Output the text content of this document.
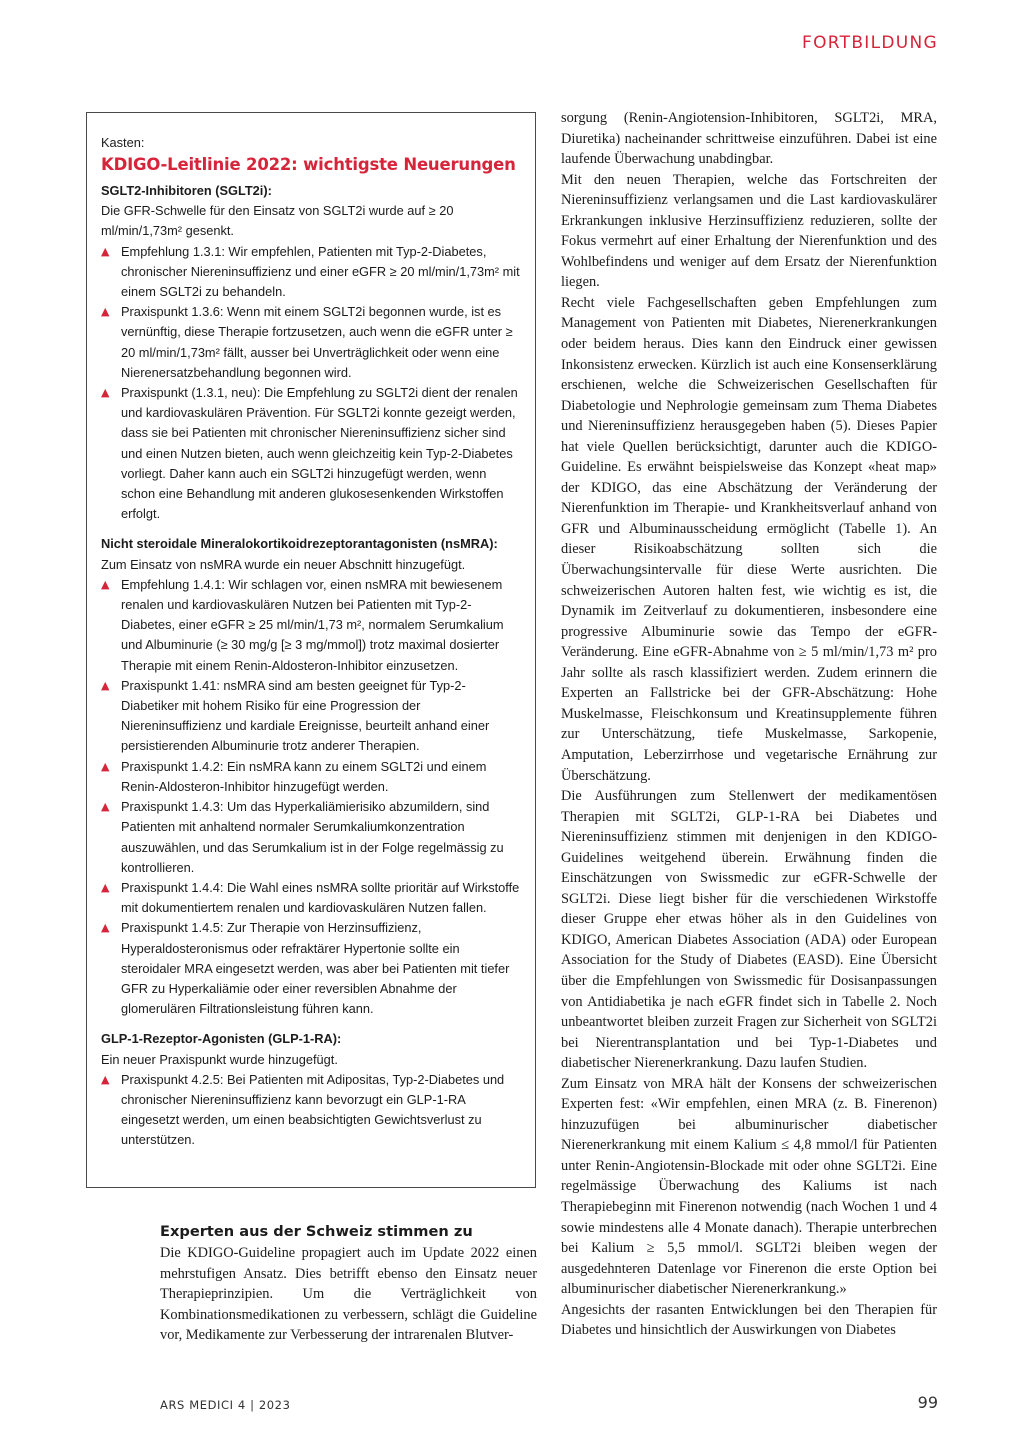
FORTBILDUNG
Kasten:
KDIGO-Leitlinie 2022: wichtigste Neuerungen
SGLT2-Inhibitoren (SGLT2i):
Die GFR-Schwelle für den Einsatz von SGLT2i wurde auf ≥ 20 ml/min/1,73m² gesenkt.
▲ Empfehlung 1.3.1: Wir empfehlen, Patienten mit Typ-2-Diabetes, chronischer Niereninsuffizienz und einer eGFR ≥ 20 ml/min/1,73m² mit einem SGLT2i zu behandeln.
▲ Praxispunkt 1.3.6: Wenn mit einem SGLT2i begonnen wurde, ist es vernünftig, diese Therapie fortzusetzen, auch wenn die eGFR unter ≥ 20 ml/min/1,73m² fällt, ausser bei Unverträglichkeit oder wenn eine Nierenersatzbehandlung begonnen wird.
▲ Praxispunkt (1.3.1, neu): Die Empfehlung zu SGLT2i dient der renalen und kardiovaskulären Prävention. Für SGLT2i konnte gezeigt werden, dass sie bei Patienten mit chronischer Niereninsuffizienz sicher sind und einen Nutzen bieten, auch wenn gleichzeitig kein Typ-2-Diabetes vorliegt. Daher kann auch ein SGLT2i hinzugefügt werden, wenn schon eine Behandlung mit anderen glukosesenkenden Wirkstoffen erfolgt.
Nicht steroidale Mineralokortikoidrezeptorantagonisten (nsMRA):
Zum Einsatz von nsMRA wurde ein neuer Abschnitt hinzugefügt.
▲ Empfehlung 1.4.1: Wir schlagen vor, einen nsMRA mit bewiesenem renalen und kardiovaskulären Nutzen bei Patienten mit Typ-2-Diabetes, einer eGFR ≥ 25 ml/min/1,73 m², normalem Serumkalium und Albuminurie (≥ 30 mg/g [≥ 3 mg/mmol]) trotz maximal dosierter Therapie mit einem Renin-Aldosteron-Inhibitor einzusetzen.
▲ Praxispunkt 1.41: nsMRA sind am besten geeignet für Typ-2-Diabetiker mit hohem Risiko für eine Progression der Niereninsuffizienz und kardiale Ereignisse, beurteilt anhand einer persistierenden Albuminurie trotz anderer Therapien.
▲ Praxispunkt 1.4.2: Ein nsMRA kann zu einem SGLT2i und einem Renin-Aldosteron-Inhibitor hinzugefügt werden.
▲ Praxispunkt 1.4.3: Um das Hyperkaliämierisiko abzumildern, sind Patienten mit anhaltend normaler Serumkaliumkonzentration auszuwählen, und das Serumkalium ist in der Folge regelmässig zu kontrollieren.
▲ Praxispunkt 1.4.4: Die Wahl eines nsMRA sollte prioritär auf Wirkstoffe mit dokumentiertem renalen und kardiovaskulären Nutzen fallen.
▲ Praxispunkt 1.4.5: Zur Therapie von Herzinsuffizienz, Hyperaldosteronismus oder refraktärer Hypertonie sollte ein steroidaler MRA eingesetzt werden, was aber bei Patienten mit tiefer GFR zu Hyperkaliämie oder einer reversiblen Abnahme der glomerulären Filtrationsleistung führen kann.
GLP-1-Rezeptor-Agonisten (GLP-1-RA):
Ein neuer Praxispunkt wurde hinzugefügt.
▲ Praxispunkt 4.2.5: Bei Patienten mit Adipositas, Typ-2-Diabetes und chronischer Niereninsuffizienz kann bevorzugt ein GLP-1-RA eingesetzt werden, um einen beabsichtigten Gewichtsverlust zu unterstützen.
Experten aus der Schweiz stimmen zu

Die KDIGO-Guideline propagiert auch im Update 2022 einen mehrstufigen Ansatz. Dies betrifft ebenso den Einsatz neuer Therapieprinzipien. Um die Verträglichkeit von Kombinationsmedikationen zu verbessern, schlägt die Guideline vor, Medikamente zur Verbesserung der intrarenalen Blutver-

sorgung (Renin-Angiotension-Inhibitoren, SGLT2i, MRA, Diuretika) nacheinander schrittweise einzuführen. Dabei ist eine laufende Überwachung unabdingbar.

Mit den neuen Therapien, welche das Fortschreiten der Niereninsuffizienz verlangsamen und die Last kardiovaskulärer Erkrankungen inklusive Herzinsuffizienz reduzieren, sollte der Fokus vermehrt auf einer Erhaltung der Nierenfunktion und des Wohlbefindens und weniger auf dem Ersatz der Nierenfunktion liegen.

Recht viele Fachgesellschaften geben Empfehlungen zum Management von Patienten mit Diabetes, Nierenerkrankungen oder beidem heraus. Dies kann den Eindruck einer gewissen Inkonsistenz erwecken. Kürzlich ist auch eine Konsenserklärung erschienen, welche die Schweizerischen Gesellschaften für Diabetologie und Nephrologie gemeinsam zum Thema Diabetes und Niereninsuffizienz herausgegeben haben (5). Dieses Papier hat viele Quellen berücksichtigt, darunter auch die KDIGO-Guideline. Es erwähnt beispielsweise das Konzept «heat map» der KDIGO, das eine Abschätzung der Veränderung der Nierenfunktion im Therapie- und Krankheitsverlauf anhand von GFR und Albuminausscheidung ermöglicht (Tabelle 1). An dieser Risikoabschätzung sollten sich die Überwachungsintervalle für diese Werte ausrichten. Die schweizerischen Autoren halten fest, wie wichtig es ist, die Dynamik im Zeitverlauf zu dokumentieren, insbesondere eine progressive Albuminurie sowie das Tempo der eGFR-Veränderung. Eine eGFR-Abnahme von ≥ 5 ml/min/1,73 m² pro Jahr sollte als rasch klassifiziert werden. Zudem erinnern die Experten an Fallstricke bei der GFR-Abschätzung: Hohe Muskelmasse, Fleischkonsum und Kreatinsupplemente führen zur Unterschätzung, tiefe Muskelmasse, Sarkopenie, Amputation, Leberzirrhose und vegetarische Ernährung zur Überschätzung.

Die Ausführungen zum Stellenwert der medikamentösen Therapien mit SGLT2i, GLP-1-RA bei Diabetes und Niereninsuffizienz stimmen mit denjenigen in den KDIGO-Guidelines weitgehend überein. Erwähnung finden die Einschätzungen von Swissmedic zur eGFR-Schwelle der SGLT2i. Diese liegt bisher für die verschiedenen Wirkstoffe dieser Gruppe eher etwas höher als in den Guidelines von KDIGO, American Diabetes Association (ADA) oder European Association for the Study of Diabetes (EASD). Eine Übersicht über die Empfehlungen von Swissmedic für Dosisanpassungen von Antidiabetika je nach eGFR findet sich in Tabelle 2. Noch unbeantwortet bleiben zurzeit Fragen zur Sicherheit von SGLT2i bei Nierentransplantation und bei Typ-1-Diabetes und diabetischer Nierenerkrankung. Dazu laufen Studien.

Zum Einsatz von MRA hält der Konsens der schweizerischen Experten fest: «Wir empfehlen, einen MRA (z. B. Finerenon) hinzuzufügen bei albuminurischer diabetischer Nierenerkrankung mit einem Kalium ≤ 4,8 mmol/l für Patienten unter Renin-Angiotensin-Blockade mit oder ohne SGLT2i. Eine regelmässige Überwachung des Kaliums ist nach Therapiebeginn mit Finerenon notwendig (nach Wochen 1 und 4 sowie mindestens alle 4 Monate danach). Therapie unterbrechen bei Kalium ≥ 5,5 mmol/l. SGLT2i bleiben wegen der ausgedehnteren Datenlage vor Finerenon die erste Option bei albuminurischer diabetischer Nierenerkrankung.»

Angesichts der rasanten Entwicklungen bei den Therapien für Diabetes und hinsichtlich der Auswirkungen von Diabetes

ARS MEDICI 4 | 2023	99
